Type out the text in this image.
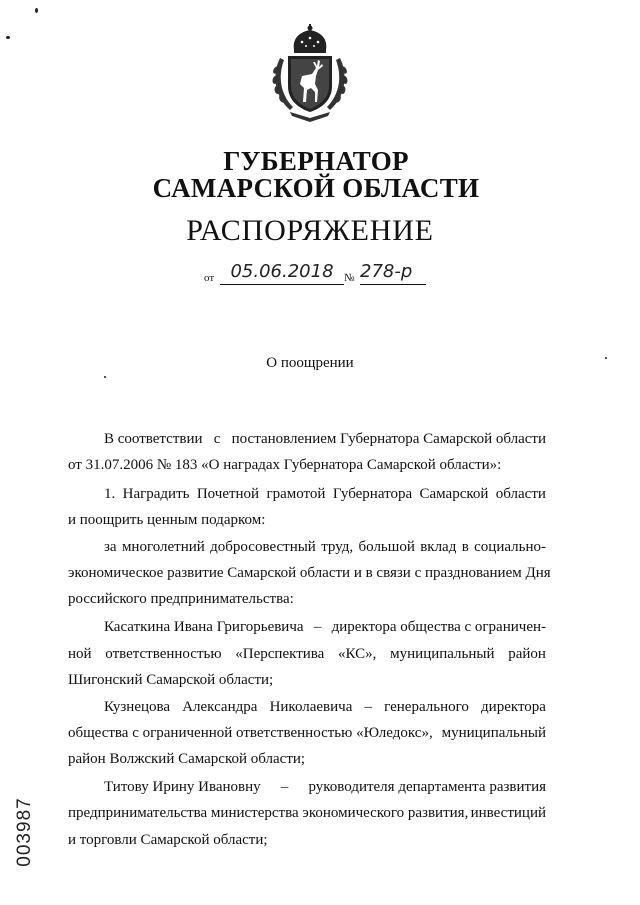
ГУБЕРНАТОР
САМАРСКОЙ ОБЛАСТИ
РАСПОРЯЖЕНИЕ
от 05.06.2018 № 278-р
О поощрении
В соответствии с постановлением Губернатора Самарской области
от 31.07.2006 № 183 «О наградах Губернатора Самарской области»:
1. Наградить Почетной грамотой Губернатора Самарской области
и поощрить ценным подарком:
за многолетний добросовестный труд, большой вклад в социально-
экономическое развитие Самарской области и в связи с празднованием Дня
российского предпринимательства:
Касаткина Ивана Григорьевича – директора общества с ограничен-
ной ответственностью «Перспектива «КС», муниципальный район
Шигонский Самарской области;
Кузнецова Александра Николаевича – генерального директора
общества с ограниченной ответственностью «Юледокс», муниципальный
район Волжский Самарской области;
Титову Ирину Ивановну – руководителя департамента развития
предпринимательства министерства экономического развития, инвестиций
и торговли Самарской области;
003987
